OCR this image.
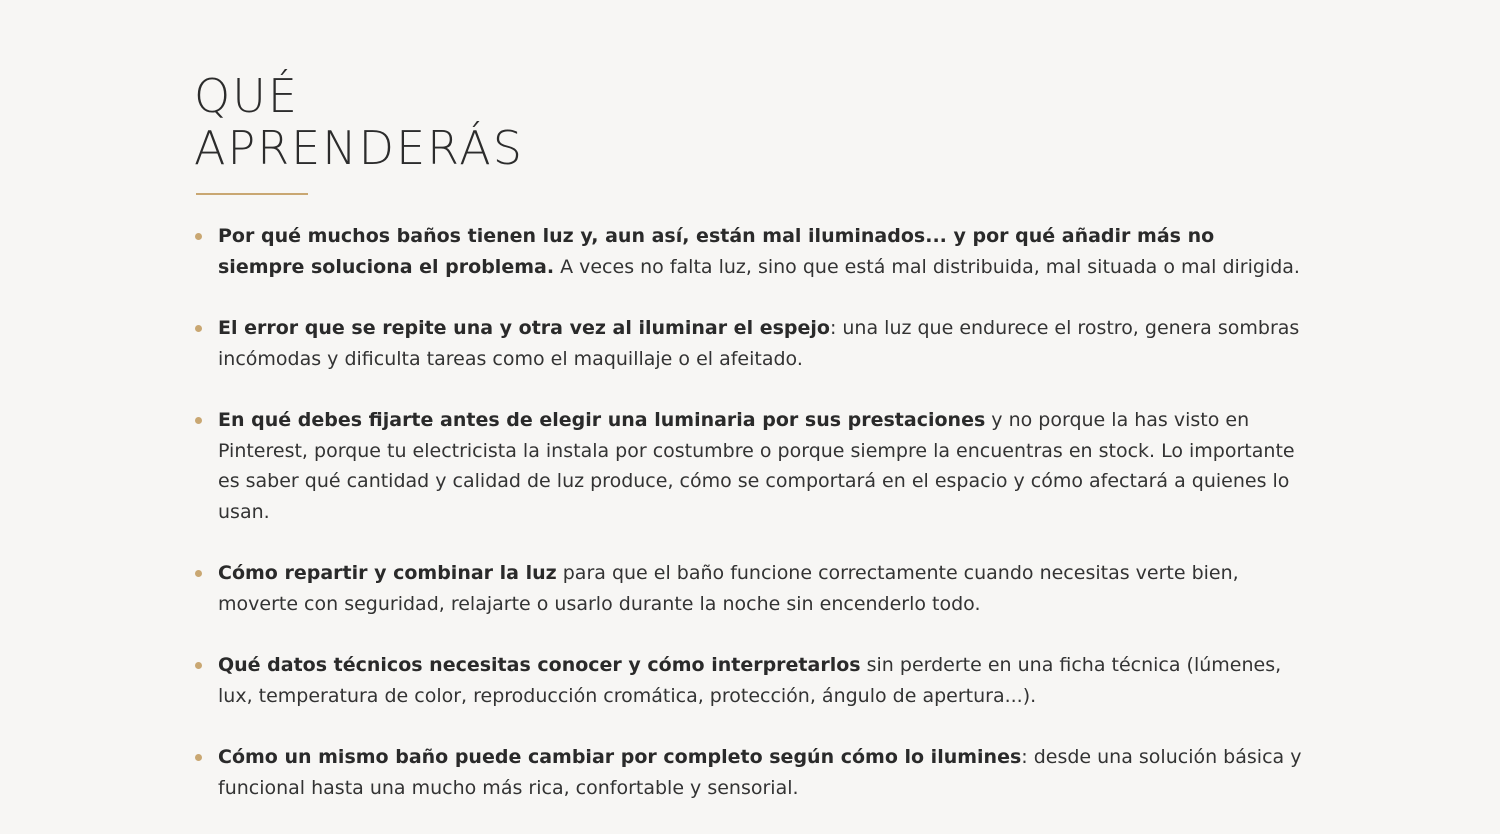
QUÉ
APRENDERÁS
Por qué muchos baños tienen luz y, aun así, están mal iluminados... y por qué añadir más no siempre soluciona el problema. A veces no falta luz, sino que está mal distribuida, mal situada o mal dirigida.
El error que se repite una y otra vez al iluminar el espejo: una luz que endurece el rostro, genera sombras incómodas y dificulta tareas como el maquillaje o el afeitado.
En qué debes fijarte antes de elegir una luminaria por sus prestaciones y no porque la has visto en Pinterest, porque tu electricista la instala por costumbre o porque siempre la encuentras en stock. Lo importante es saber qué cantidad y calidad de luz produce, cómo se comportará en el espacio y cómo afectará a quienes lo usan.
Cómo repartir y combinar la luz para que el baño funcione correctamente cuando necesitas verte bien, moverte con seguridad, relajarte o usarlo durante la noche sin encenderlo todo.
Qué datos técnicos necesitas conocer y cómo interpretarlos sin perderte en una ficha técnica (lúmenes, lux, temperatura de color, reproducción cromática, protección, ángulo de apertura...).
Cómo un mismo baño puede cambiar por completo según cómo lo ilumines: desde una solución básica y funcional hasta una mucho más rica, confortable y sensorial.
